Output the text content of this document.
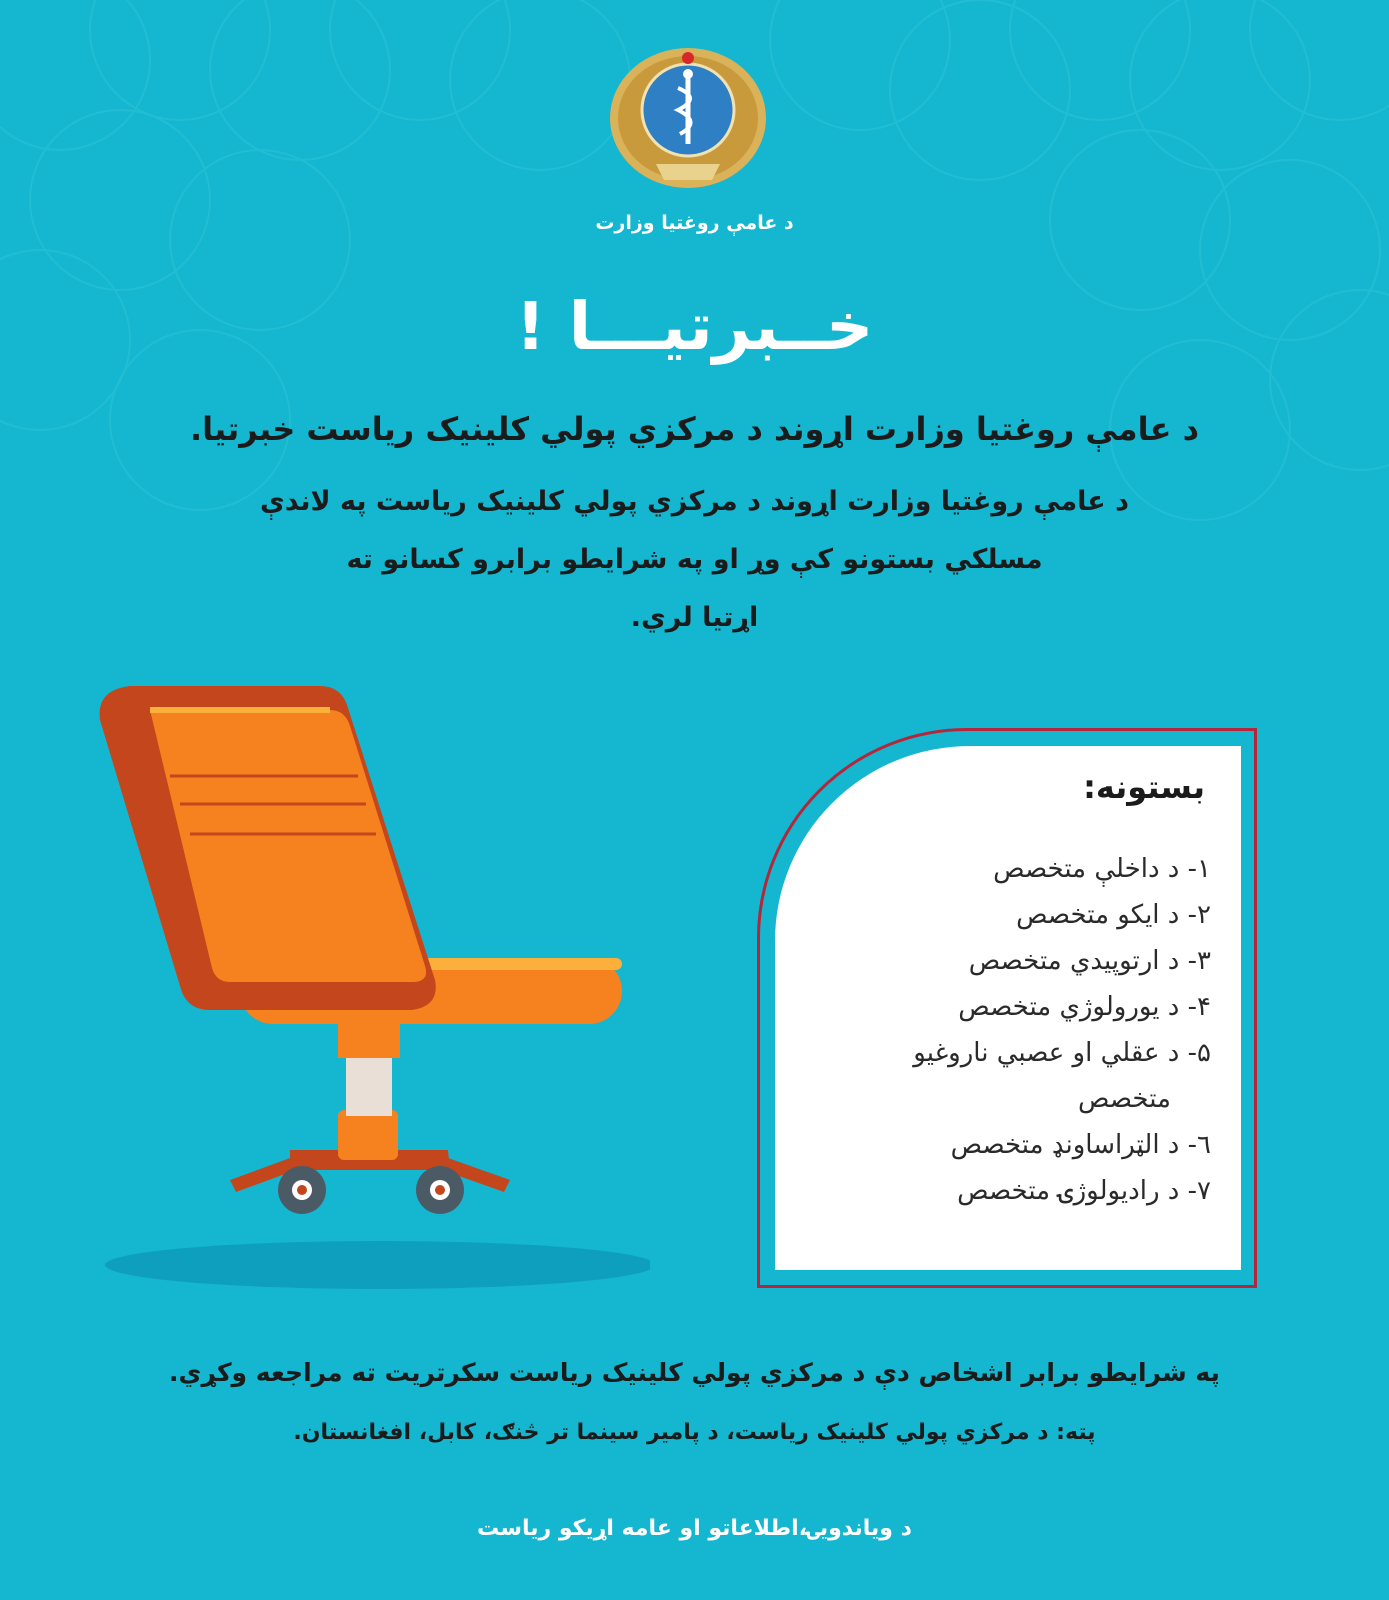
د عامې روغتيا وزارت
خــبرتيـــا !
د عامې روغتيا وزارت اړوند د مرکزي پولي کلينيک رياست خبرتيا.
د عامې روغتيا وزارت اړوند د مرکزي پولي کلينيک رياست په لاندې
مسلکي بستونو کې وړ او په شرايطو برابرو کسانو ته
اړتيا لري.
بستونه:
١- د داخلې متخصص
٢- د ايکو متخصص
٣- د ارتوپيدي متخصص
۴- د يورولوژي متخصص
۵- د عقلي او عصبي ناروغيو
متخصص
٦- د الټراساونډ متخصص
٧- د راديولوژۍ متخصص
په شرايطو برابر اشخاص دې د مرکزي پولي کلينيک رياست سکرتريت ته مراجعه وکړي.
پته: د مرکزي پولي کلينيک رياست، د پامير سينما تر څنګ، کابل، افغانستان.
د وياندويۍ،اطلاعاتو او عامه اړيکو رياست
